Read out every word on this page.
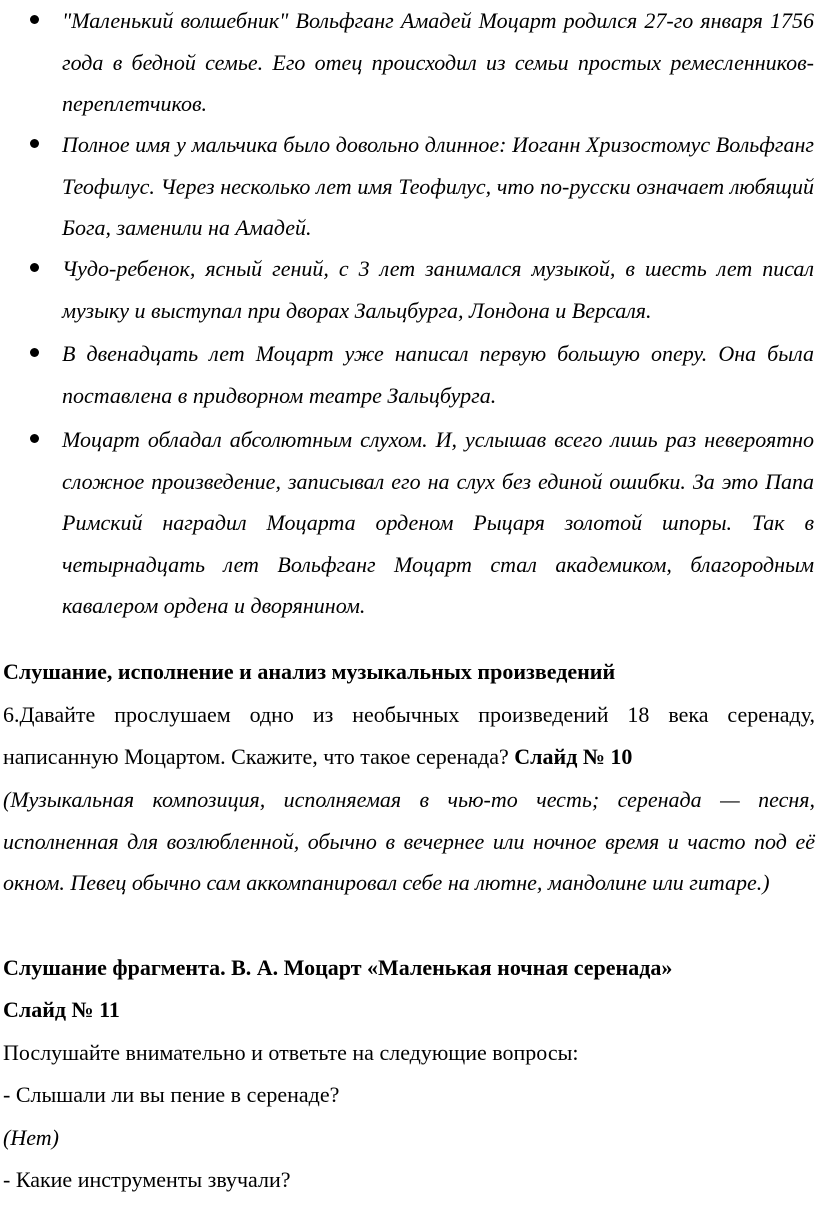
"Маленький волшебник" Вольфганг Амадей Моцарт родился 27-го января 1756 года в бедной семье. Его отец происходил из семьи простых ремесленников-переплетчиков.
Полное имя у мальчика было довольно длинное: Иоганн Хризостомус Вольфганг Теофилус. Через несколько лет имя Теофилус, что по-русски означает любящий Бога, заменили на Амадей.
Чудо-ребенок, ясный гений, с 3 лет занимался музыкой, в шесть лет писал музыку и выступал при дворах Зальцбурга, Лондона и Версаля.
В двенадцать лет Моцарт уже написал первую большую оперу. Она была поставлена в придворном театре Зальцбурга.
Моцарт обладал абсолютным слухом. И, услышав всего лишь раз невероятно сложное произведение, записывал его на слух без единой ошибки. За это Папа Римский наградил Моцарта орденом Рыцаря золотой шпоры. Так в четырнадцать лет Вольфганг Моцарт стал академиком, благородным кавалером ордена и дворянином.
Слушание, исполнение и анализ музыкальных произведений
6.Давайте прослушаем одно из необычных произведений 18 века серенаду, написанную Моцартом. Скажите, что такое серенада? Слайд № 10
(Музыкальная композиция, исполняемая в чью-то честь; серенада — песня, исполненная для возлюбленной, обычно в вечернее или ночное время и часто под её окном. Певец обычно сам аккомпанировал себе на лютне, мандолине или гитаре.)
Слушание фрагмента. В. А. Моцарт «Маленькая ночная серенада»
Слайд № 11
Послушайте внимательно и ответьте на следующие вопросы:
- Слышали ли вы пение в серенаде?
(Нет)
- Какие инструменты звучали?
